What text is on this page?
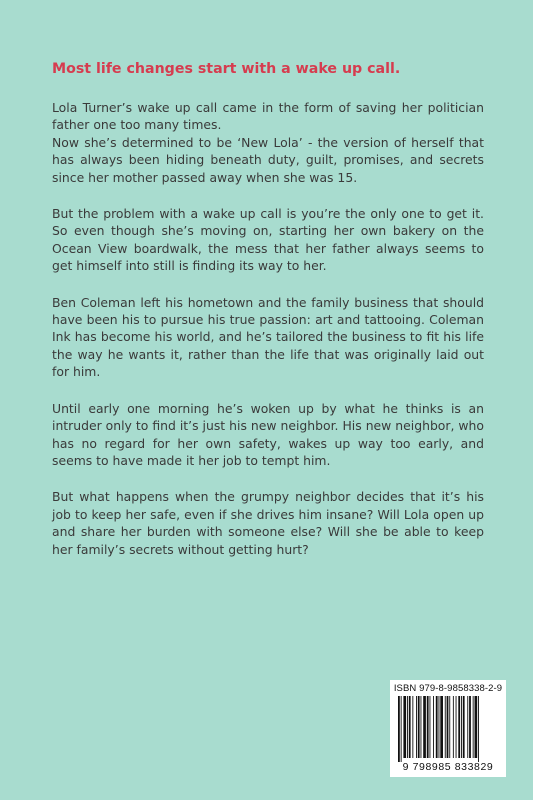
Most life changes start with a wake up call.

Lola Turner’s wake up call came in the form of saving her politician father one too many times.

Now she’s determined to be ‘New Lola’ - the version of herself that has always been hiding beneath duty, guilt, promises, and secrets since her mother passed away when she was 15.

But the problem with a wake up call is you’re the only one to get it. So even though she’s moving on, starting her own bakery on the Ocean View boardwalk, the mess that her father always seems to get himself into still is finding its way to her.

Ben Coleman left his hometown and the family business that should have been his to pursue his true passion: art and tattooing. Coleman Ink has become his world, and he’s tailored the business to fit his life the way he wants it, rather than the life that was originally laid out for him.

Until early one morning he’s woken up by what he thinks is an intruder only to find it’s just his new neighbor. His new neighbor, who has no regard for her own safety, wakes up way too early, and seems to have made it her job to tempt him.

But what happens when the grumpy neighbor decides that it’s his job to keep her safe, even if she drives him insane? Will Lola open up and share her burden with someone else? Will she be able to keep her family’s secrets without getting hurt?

ISBN 979-8-9858338-2-9
9 798985 833829
